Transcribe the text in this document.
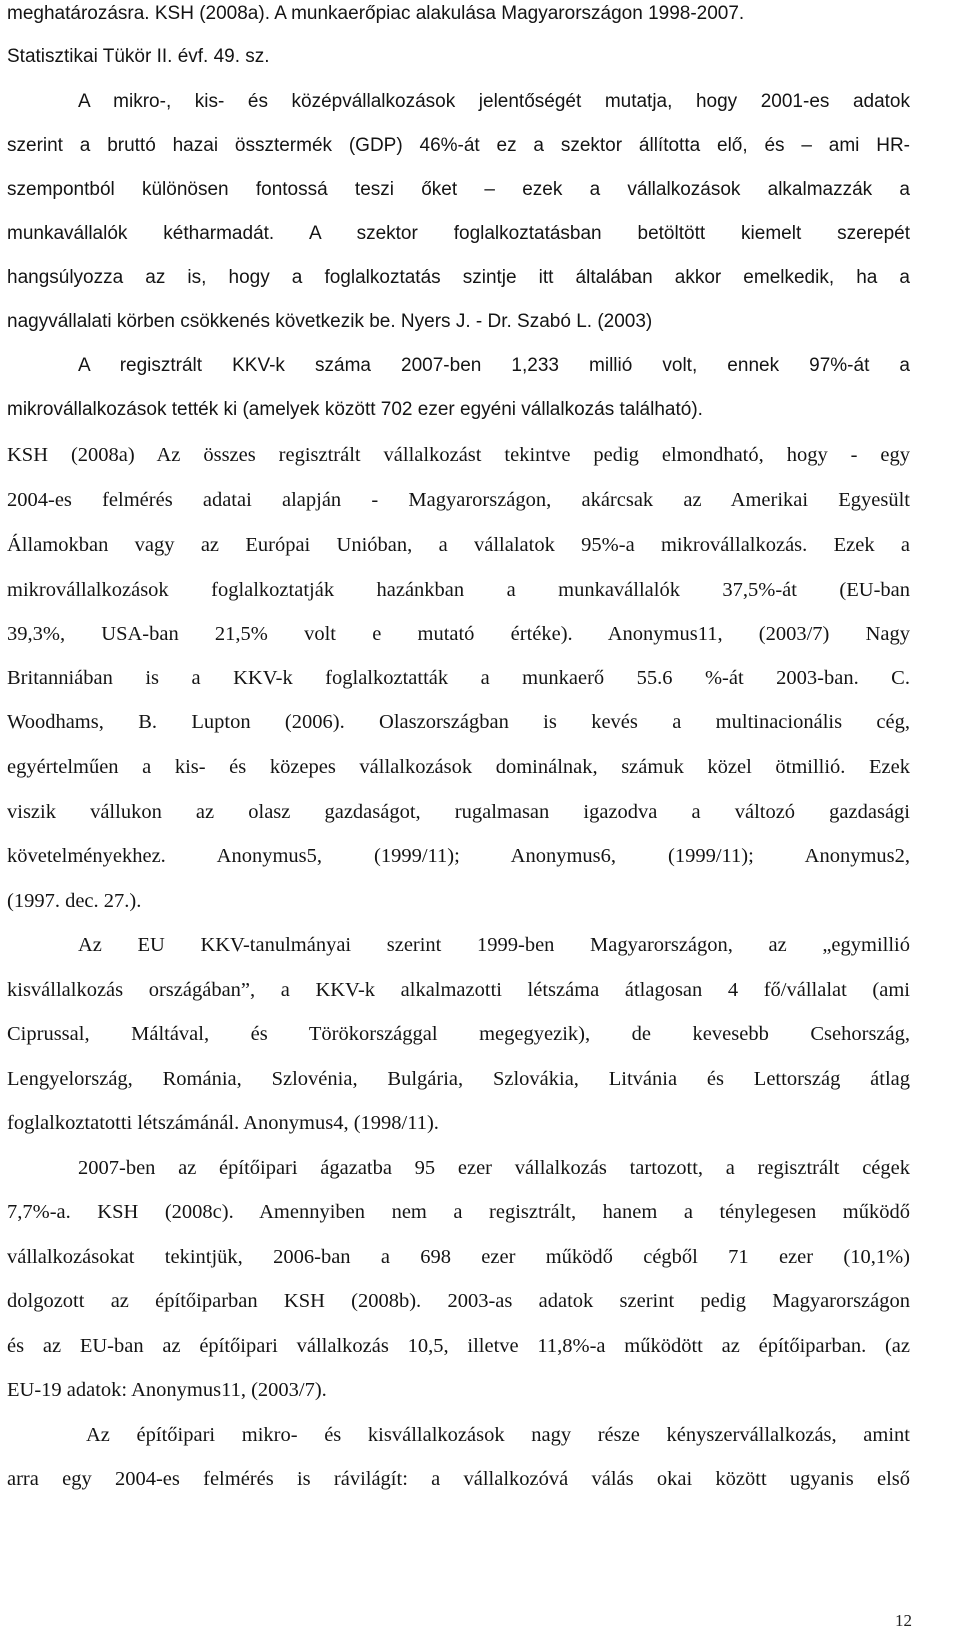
meghatározásra. KSH (2008a). A munkaerőpiac alakulása Magyarországon 1998-2007.
Statisztikai Tükör II. évf. 49. sz.
A mikro-, kis- és középvállalkozások jelentőségét mutatja, hogy 2001-es adatok
szerint a bruttó hazai össztermék (GDP) 46%-át ez a szektor állította elő, és – ami HR-
szempontból különösen fontossá teszi őket – ezek a vállalkozások alkalmazzák a
munkavállalók kétharmadát. A szektor foglalkoztatásban betöltött kiemelt szerepét
hangsúlyozza az is, hogy a foglalkoztatás szintje itt általában akkor emelkedik, ha a
nagyvállalati körben csökkenés következik be. Nyers J. - Dr. Szabó L. (2003)
A regisztrált KKV-k száma 2007-ben 1,233 millió volt, ennek 97%-át a
mikrovállalkozások tették ki (amelyek között 702 ezer egyéni vállalkozás található).
KSH (2008a) Az összes regisztrált vállalkozást tekintve pedig elmondható, hogy - egy
2004-es felmérés adatai alapján - Magyarországon, akárcsak az Amerikai Egyesült
Államokban vagy az Európai Unióban, a vállalatok 95%-a mikrovállalkozás. Ezek a
mikrovállalkozások foglalkoztatják hazánkban a munkavállalók 37,5%-át (EU-ban
39,3%, USA-ban 21,5% volt e mutató értéke). Anonymus11, (2003/7) Nagy
Britanniában is a KKV-k foglalkoztatták a munkaerő 55.6 %-át 2003-ban. C.
Woodhams, B. Lupton (2006). Olaszországban is kevés a multinacionális cég,
egyértelműen a kis- és közepes vállalkozások dominálnak, számuk közel ötmillió. Ezek
viszik vállukon az olasz gazdaságot, rugalmasan igazodva a változó gazdasági
követelményekhez. Anonymus5, (1999/11); Anonymus6, (1999/11); Anonymus2,
(1997. dec. 27.).
Az EU KKV-tanulmányai szerint 1999-ben Magyarországon, az „egymillió
kisvállalkozás országában”, a KKV-k alkalmazotti létszáma átlagosan 4 fő/vállalat (ami
Ciprussal, Máltával, és Törökországgal megegyezik), de kevesebb Csehország,
Lengyelország, Románia, Szlovénia, Bulgária, Szlovákia, Litvánia és Lettország átlag
foglalkoztatotti létszámánál. Anonymus4, (1998/11).
2007-ben az építőipari ágazatba 95 ezer vállalkozás tartozott, a regisztrált cégek
7,7%-a. KSH (2008c). Amennyiben nem a regisztrált, hanem a ténylegesen működő
vállalkozásokat tekintjük, 2006-ban a 698 ezer működő cégből 71 ezer (10,1%)
dolgozott az építőiparban KSH (2008b). 2003-as adatok szerint pedig Magyarországon
és az EU-ban az építőipari vállalkozás 10,5, illetve 11,8%-a működött az építőiparban. (az
EU-19 adatok: Anonymus11, (2003/7).
Az építőipari mikro- és kisvállalkozások nagy része kényszervállalkozás, amint
arra egy 2004-es felmérés is rávilágít: a vállalkozóvá válás okai között ugyanis első
12
